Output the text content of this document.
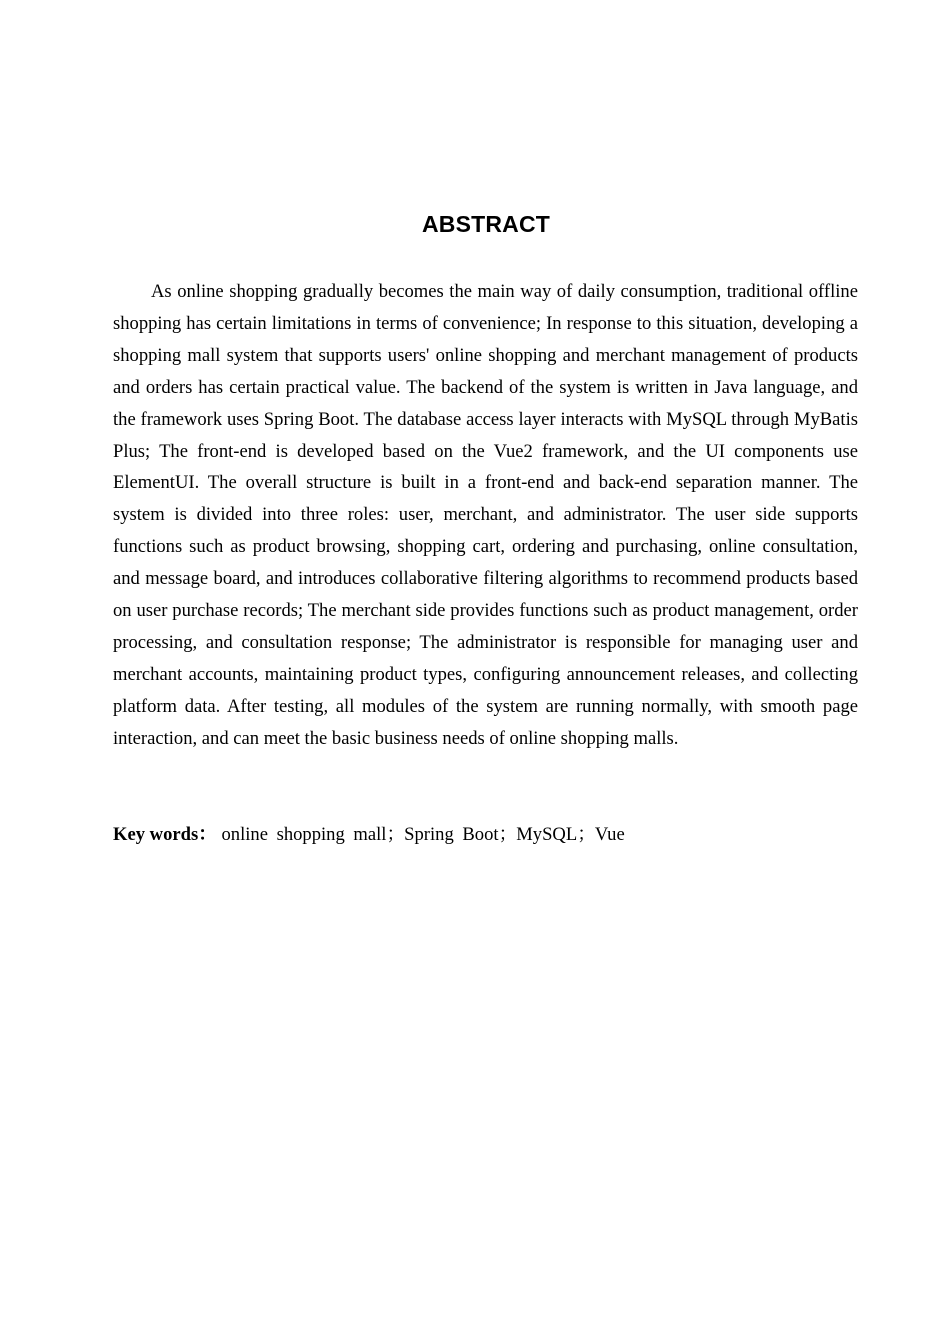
ABSTRACT

As online shopping gradually becomes the main way of daily consumption, traditional offline shopping has certain limitations in terms of convenience; In response to this situation, developing a shopping mall system that supports users' online shopping and merchant management of products and orders has certain practical value. The backend of the system is written in Java language, and the framework uses Spring Boot. The database access layer interacts with MySQL through MyBatis Plus; The front-end is developed based on the Vue2 framework, and the UI components use ElementUI. The overall structure is built in a front-end and back-end separation manner. The system is divided into three roles: user, merchant, and administrator. The user side supports functions such as product browsing, shopping cart, ordering and purchasing, online consultation, and message board, and introduces collaborative filtering algorithms to recommend products based on user purchase records; The merchant side provides functions such as product management, order processing, and consultation response; The administrator is responsible for managing user and merchant accounts, maintaining product types, configuring announcement releases, and collecting platform data. After testing, all modules of the system are running normally, with smooth page interaction, and can meet the basic business needs of online shopping malls.

Key words： online shopping mall； Spring Boot； MySQL； Vue
